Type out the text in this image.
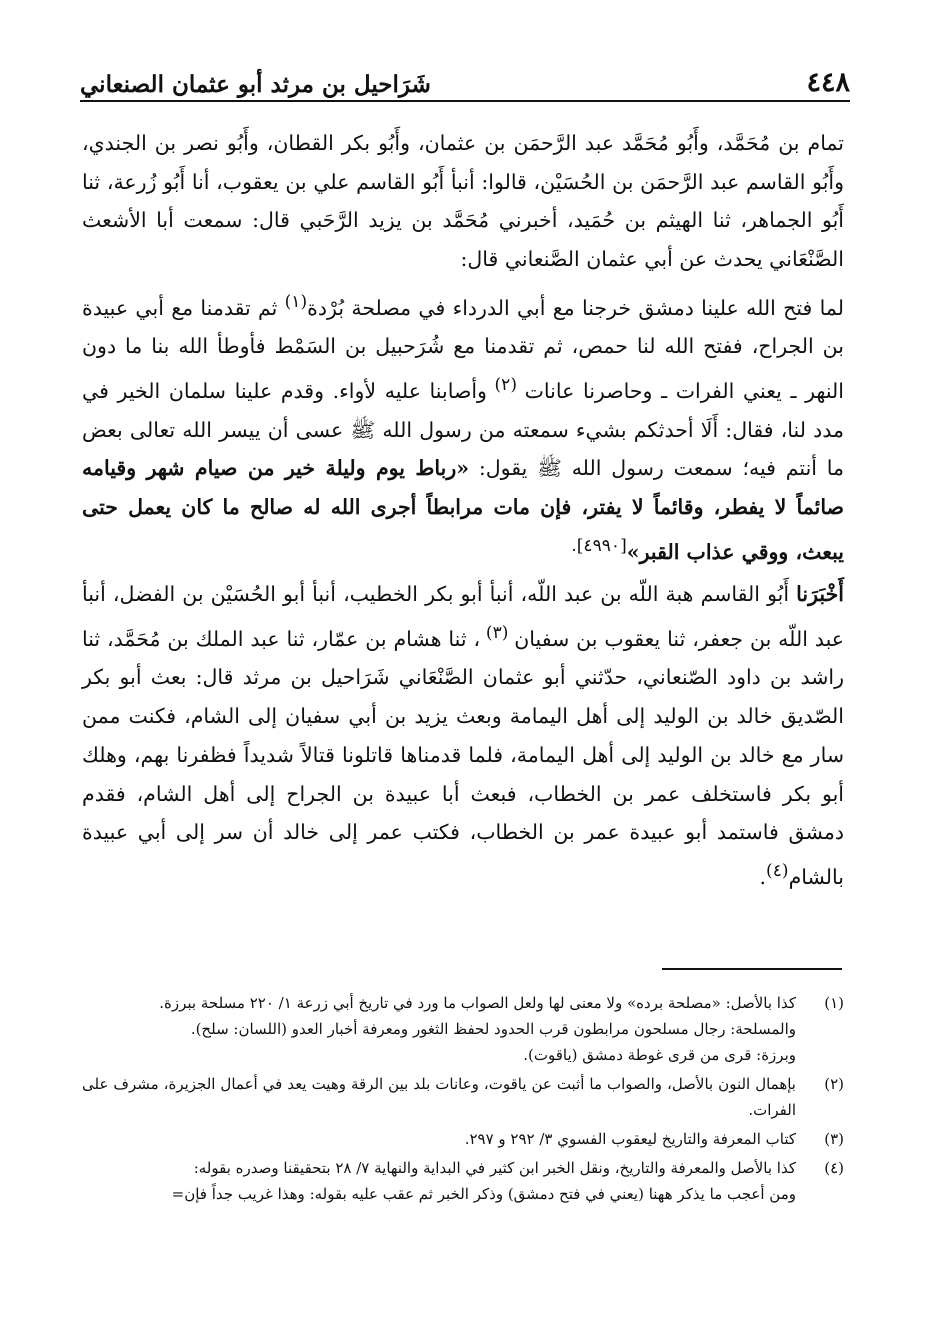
٤٤٨
شَرَاحيل بن مرثد أبو عثمان الصنعاني

تمام بن مُحَمَّد، وأَبُو مُحَمَّد عبد الرَّحمَن بن عثمان، وأَبُو بكر القطان، وأَبُو نصر بن الجندي، وأَبُو القاسم عبد الرَّحمَن بن الحُسَيْن، قالوا: أنبأ أَبُو القاسم علي بن يعقوب، أنا أَبُو زُرعة، ثنا أَبُو الجماهر، ثنا الهيثم بن حُمَيد، أخبرني مُحَمَّد بن يزيد الرَّحَبي قال: سمعت أبا الأشعث الصَّنْعَاني يحدث عن أبي عثمان الصَّنعاني قال:

لما فتح الله علينا دمشق خرجنا مع أبي الدرداء في مصلحة بُرْدة$^{(١)}$ ثم تقدمنا مع أبي عبيدة بن الجراح، ففتح الله لنا حمص، ثم تقدمنا مع شُرَحبيل بن السَمْط فأوطأ الله بنا ما دون النهر ـ يعني الفرات ـ وحاصرنا عانات $^{(٢)}$ وأصابنا عليه لأواء. وقدم علينا سلمان الخير في مدد لنا، فقال: أَلَا أحدثكم بشيء سمعته من رسول الله ﷺ عسى أن ييسر الله تعالى بعض ما أنتم فيه؛ سمعت رسول الله ﷺ يقول: «رباط يوم وليلة خير من صيام شهر وقيامه صائماً لا يفطر، وقائماً لا يفتر، فإن مات مرابطاً أجرى الله له صالح ما كان يعمل حتى يبعث، ووقي عذاب القبر»$^{[٤٩٩٠].}$

أَخْبَرَنا أَبُو القاسم هبة اللّه بن عبد اللّه، أنبأ أبو بكر الخطيب، أنبأ أبو الحُسَيْن بن الفضل، أنبأ عبد اللّه بن جعفر، ثنا يعقوب بن سفيان $^{(٣)}$ ، ثنا هشام بن عمّار، ثنا عبد الملك بن مُحَمَّد، ثنا راشد بن داود الصّنعاني، حدّثني أبو عثمان الصَّنْعَاني شَرَاحيل بن مرثد قال: بعث أبو بكر الصّديق خالد بن الوليد إلى أهل اليمامة وبعث يزيد بن أبي سفيان إلى الشام، فكنت ممن سار مع خالد بن الوليد إلى أهل اليمامة، فلما قدمناها قاتلونا قتالاً شديداً فظفرنا بهم، وهلك أبو بكر فاستخلف عمر بن الخطاب، فبعث أبا عبيدة بن الجراح إلى أهل الشام، فقدم دمشق فاستمد أبو عبيدة عمر بن الخطاب، فكتب عمر إلى خالد أن سر إلى أبي عبيدة بالشام$^{(٤)}$.

(١)
كذا بالأصل: «مصلحة برده» ولا معنى لها ولعل الصواب ما ورد في تاريخ أبي زرعة ١/ ٢٢٠ مسلحة ببرزة.
والمسلحة: رجال مسلحون مرابطون قرب الحدود لحفظ الثغور ومعرفة أخبار العدو (اللسان: سلح).
وبرزة: قرى من قرى غوطة دمشق (ياقوت).
(٢)
بإهمال النون بالأصل، والصواب ما أثبت عن ياقوت، وعانات بلد بين الرقة وهيت يعد في أعمال الجزيرة، مشرف على الفرات.
(٣)
كتاب المعرفة والتاريخ ليعقوب الفسوي ٣/ ٢٩٢ و ٢٩٧.
(٤)
كذا بالأصل والمعرفة والتاريخ، ونقل الخبر ابن كثير في البداية والنهاية ٧/ ٢٨ بتحقيقنا وصدره بقوله:
ومن أعجب ما يذكر ههنا (يعني في فتح دمشق) وذكر الخبر ثم عقب عليه بقوله: وهذا غريب جداً فإن=
